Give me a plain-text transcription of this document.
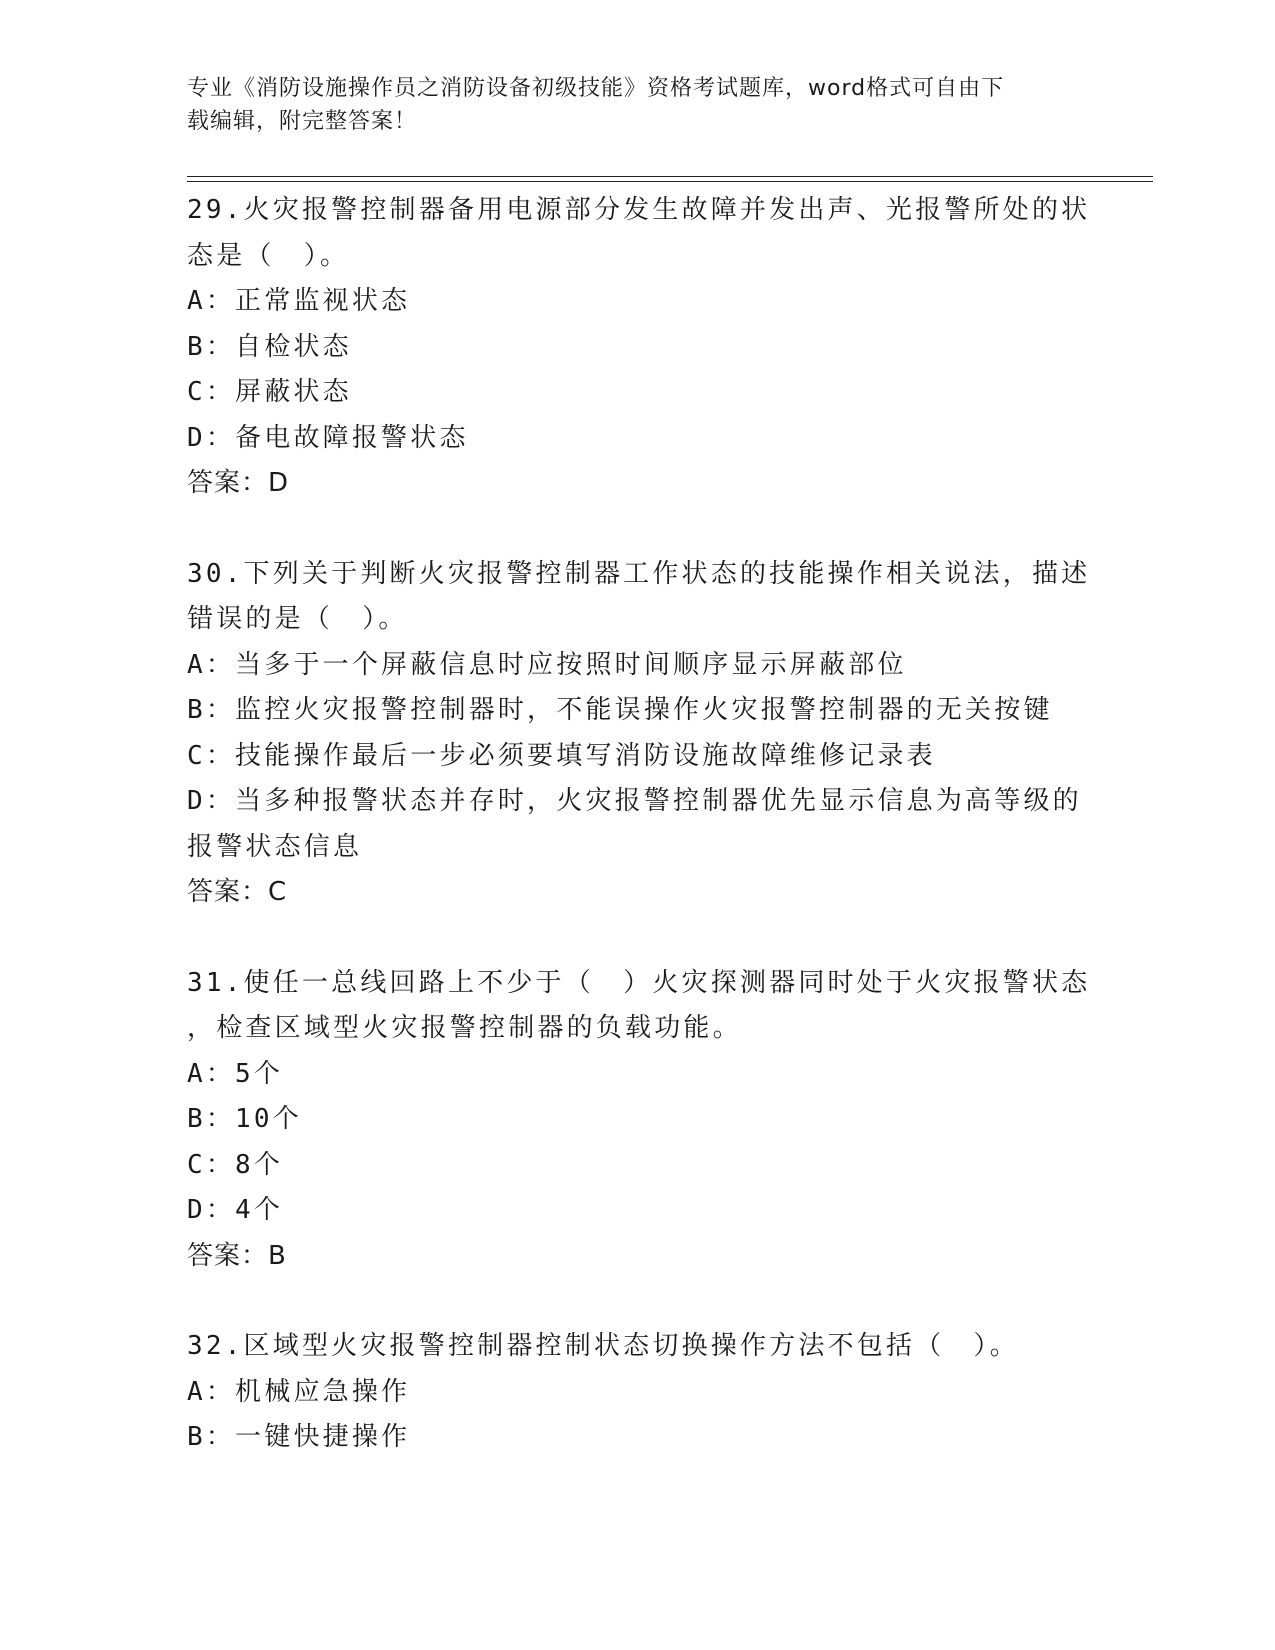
专业《消防设施操作员之消防设备初级技能》资格考试题库，word格式可自由下
载编辑，附完整答案！
29.火灾报警控制器备用电源部分发生故障并发出声、光报警所处的状
态是（　）。
A：正常监视状态
B：自检状态
C：屏蔽状态
D：备电故障报警状态
答案：D
30.下列关于判断火灾报警控制器工作状态的技能操作相关说法，描述
错误的是（　）。
A：当多于一个屏蔽信息时应按照时间顺序显示屏蔽部位
B：监控火灾报警控制器时，不能误操作火灾报警控制器的无关按键
C：技能操作最后一步必须要填写消防设施故障维修记录表
D：当多种报警状态并存时，火灾报警控制器优先显示信息为高等级的
报警状态信息
答案：C
31.使任一总线回路上不少于（　）火灾探测器同时处于火灾报警状态
，检查区域型火灾报警控制器的负载功能。
A：5个
B：10个
C：8个
D：4个
答案：B
32.区域型火灾报警控制器控制状态切换操作方法不包括（　）。
A：机械应急操作
B：一键快捷操作
